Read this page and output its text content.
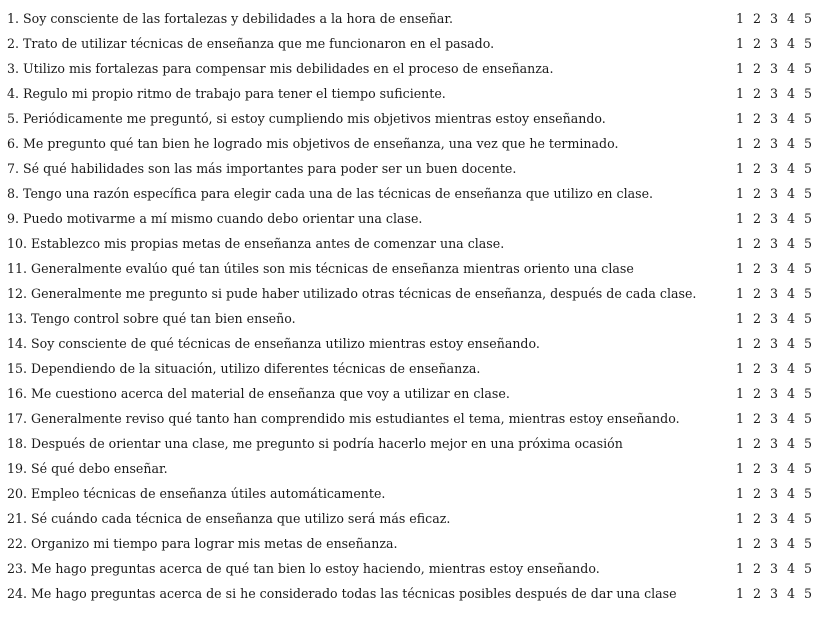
1. Soy consciente de las fortalezas y debilidades a la hora de enseñar.	1 2 3 4 5
2. Trato de utilizar técnicas de enseñanza que me funcionaron en el pasado.	1 2 3 4 5
3. Utilizo mis fortalezas para compensar mis debilidades en el proceso de enseñanza.	1 2 3 4 5
4. Regulo mi propio ritmo de trabajo para tener el tiempo suficiente.	1 2 3 4 5
5. Periódicamente me preguntó, si estoy cumpliendo mis objetivos mientras estoy enseñando.	1 2 3 4 5
6. Me pregunto qué tan bien he logrado mis objetivos de enseñanza, una vez que he terminado.	1 2 3 4 5
7. Sé qué habilidades son las más importantes para poder ser un buen docente.	1 2 3 4 5
8. Tengo una razón específica para elegir cada una de las técnicas de enseñanza que utilizo en clase.	1 2 3 4 5
9. Puedo motivarme a mí mismo cuando debo orientar una clase.	1 2 3 4 5
10. Establezco mis propias metas de enseñanza antes de comenzar una clase.	1 2 3 4 5
11. Generalmente evalúo qué tan útiles son mis técnicas de enseñanza mientras oriento una clase	1 2 3 4 5
12. Generalmente me pregunto si pude haber utilizado otras técnicas de enseñanza, después de cada clase.	1 2 3 4 5
13. Tengo control sobre qué tan bien enseño.	1 2 3 4 5
14. Soy consciente de qué técnicas de enseñanza utilizo mientras estoy enseñando.	1 2 3 4 5
15. Dependiendo de la situación, utilizo diferentes técnicas de enseñanza.	1 2 3 4 5
16. Me cuestiono acerca del material de enseñanza que voy a utilizar en clase.	1 2 3 4 5
17. Generalmente reviso qué tanto han comprendido mis estudiantes el tema, mientras estoy enseñando.	1 2 3 4 5
18. Después de orientar una clase, me pregunto si podría hacerlo mejor en una próxima ocasión	1 2 3 4 5
19. Sé qué debo enseñar.	1 2 3 4 5
20. Empleo técnicas de enseñanza útiles automáticamente.	1 2 3 4 5
21. Sé cuándo cada técnica de enseñanza que utilizo será más eficaz.	1 2 3 4 5
22. Organizo mi tiempo para lograr mis metas de enseñanza.	1 2 3 4 5
23. Me hago preguntas acerca de qué tan bien lo estoy haciendo, mientras estoy enseñando.	1 2 3 4 5
24. Me hago preguntas acerca de si he considerado todas las técnicas posibles después de dar una clase	1 2 3 4 5
